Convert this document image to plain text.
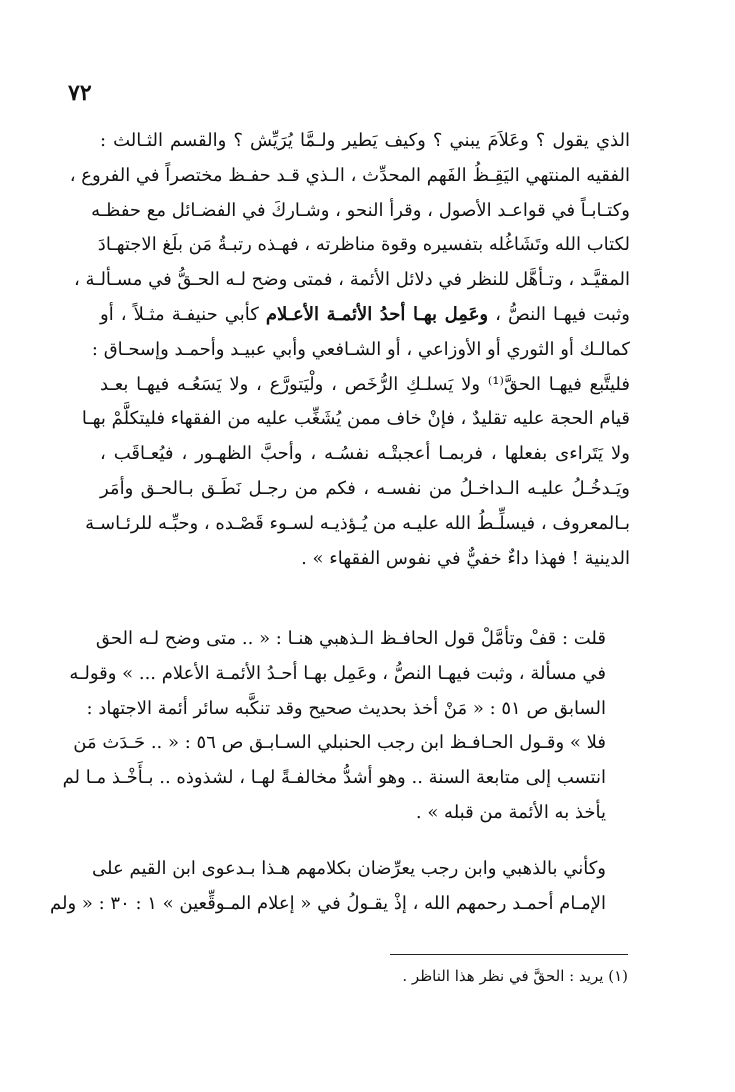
٧٢
الذي يقول ؟ وعَلاَمَ يبني ؟ وكيف يَطير ولـمَّا يُرَيِّش ؟ والقسم الثـالث :
الفقيه المنتهي اليَقِـظُ الفَهم المحدِّث ، الـذي قـد حفـظ مختصراً في الفروع ،
وكتـابـاً في قواعـد الأصول ، وقرأ النحو ، وشـاركَ في الفضـائل مع حفظـه
لكتاب الله وتَشَاغُله بتفسيره وقوة مناظرته ، فهـذه رتبـةُ مَن بلَغ الاجتهـادَ
المقيَّـد ، وتـأهَّل للنظر في دلائل الأئمة ، فمتى وضح لـه الحـقُّ في مسـألـة ،
وثبت فيهـا النصُّ ، وعَمِل بهـا أحدُ الأئمـة الأعـلام كأبي حنيفـة مثـلاً ، أو
كمالـك أو الثوري أو الأوزاعي ، أو الشـافعي وأبي عبيـد وأحمـد وإسحـاق :
فليتَّبع فيهـا الحقَّ⁽¹⁾ ولا يَسلـكِ الرُّخَص ، ولْيَتورَّع ، ولا يَسَعُـه فيهـا بعـد
قيام الحجة عليه تقليدٌ ، فإنْ خاف ممن يُشَغِّب عليه من الفقهاء فليتكلَّمْ بهـا
ولا يَتَراءى بفعلها ، فربمـا أعجبتْـه نفسُـه ، وأحبَّ الظهـور ، فيُعـاقَب ،
ويَـدخُـلُ عليـه الـداخـلُ من نفسـه ، فكم من رجـل نَطَـق بـالحـق وأمَر
بـالمعروف ، فيسلِّـطُ الله عليـه من يُـؤذيـه لسـوء قَصْـده ، وحبِّـه للرئـاسـة
الدينية ! فهذا داءٌ خفيٌّ في نفوس الفقهاء » .
قلت : قفْ وتأمَّلْ قول الحافـظ الـذهبي هنـا : « .. متى وضح لـه الحق
في مسألة ، وثبت فيهـا النصُّ ، وعَمِل بهـا أحـدُ الأئمـة الأعلام ... » وقولـه
السابق ص ٥١ : « مَنْ أخذ بحديث صحيح وقد تنكَّبه سائر أئمة الاجتهاد :
فلا » وقـول الحـافـظ ابن رجب الحنبلي السـابـق ص ٥٦ : « .. حَـدَث مَن
انتسب إلى متابعة السنة .. وهو أشدُّ مخالفـةً لهـا ، لشذوذه .. بـأَخْـذ مـا لم
يأخذ به الأئمة من قبله » .
وكأني بالذهبي وابن رجب يعرِّضان بكلامهم هـذا بـدعوى ابن القيم على
الإمـام أحمـد رحمهم الله ، إذْ يقـولُ في « إعلام المـوقِّعين » ١ : ٣٠ : « ولم
(١) يريد : الحقَّ في نظر هذا الناظر .
